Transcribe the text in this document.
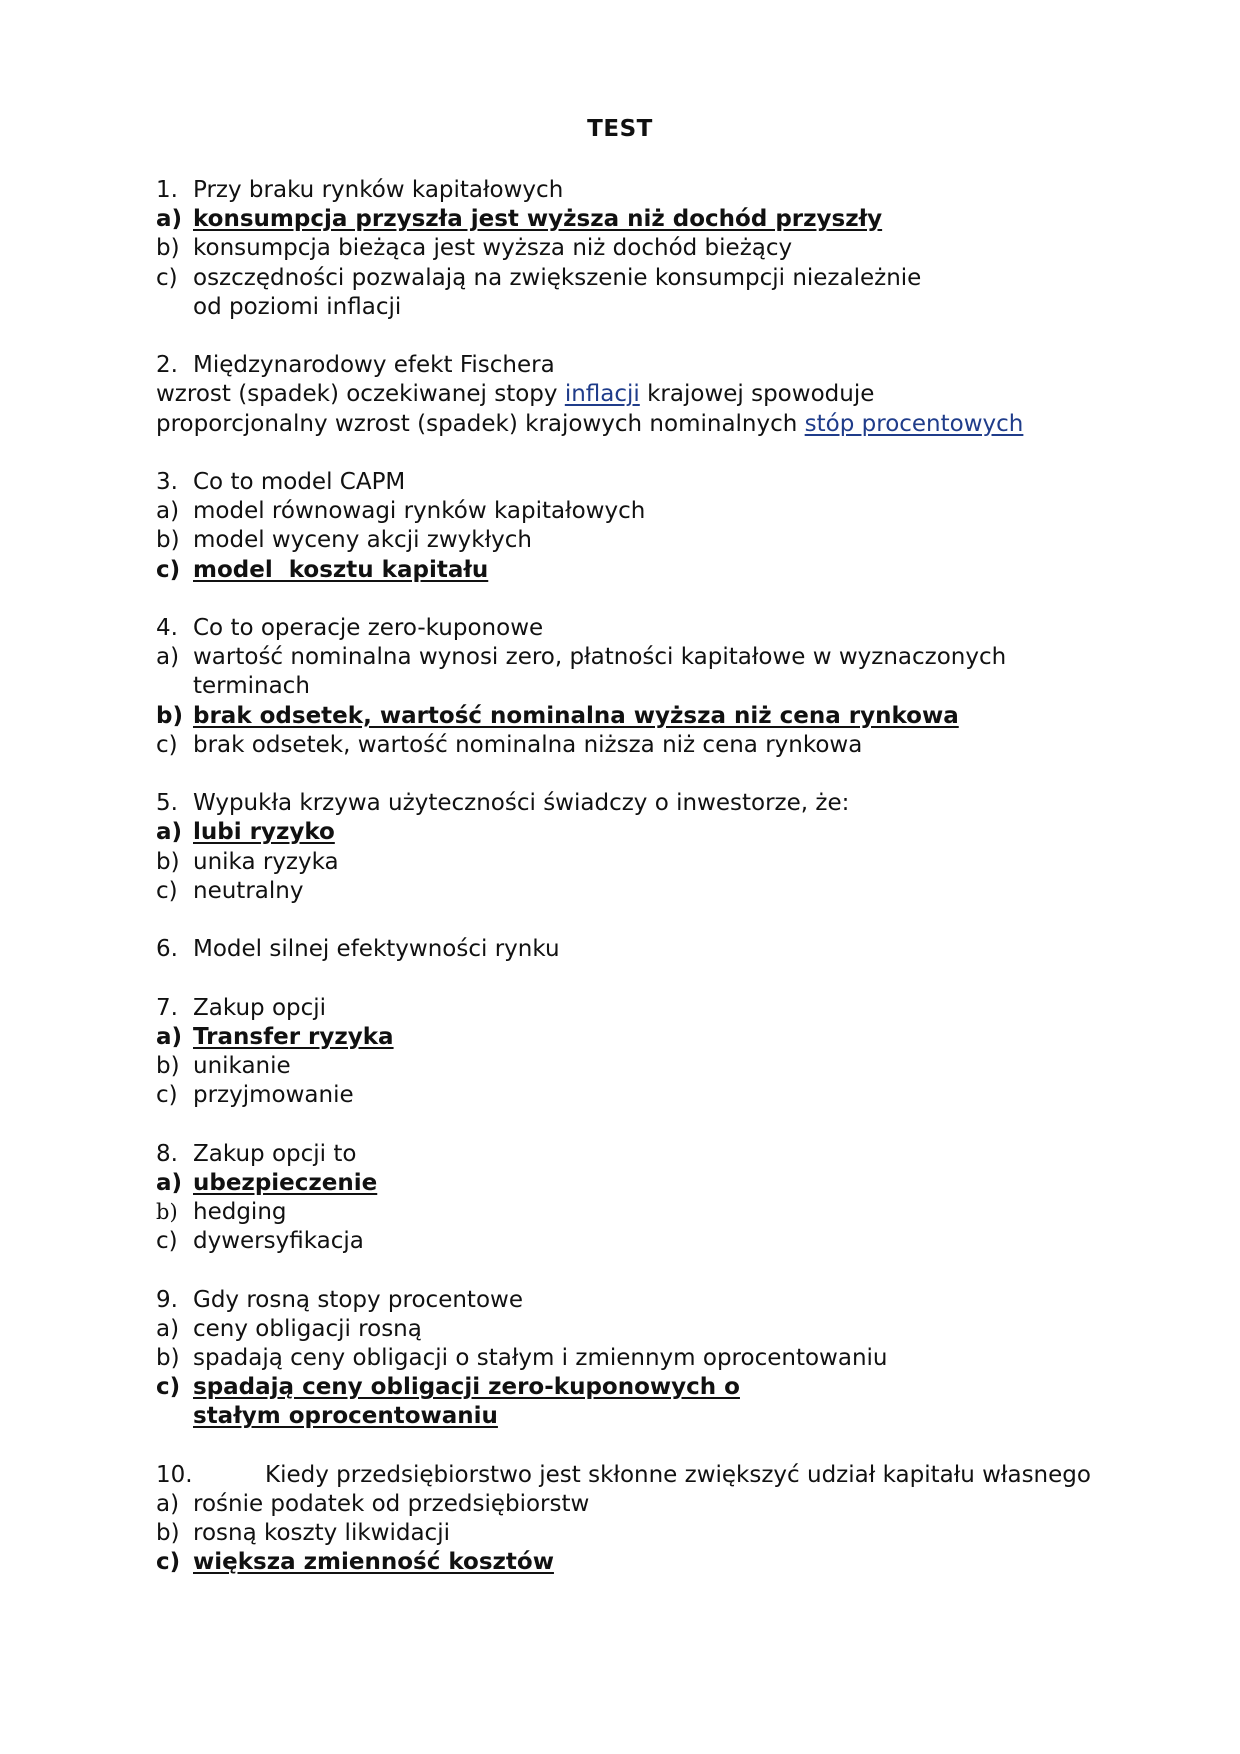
TEST
1. Przy braku rynków kapitałowych
a) konsumpcja przyszła jest wyższa niż dochód przyszły
b) konsumpcja bieżąca jest wyższa niż dochód bieżący
c) oszczędności pozwalają na zwiększenie konsumpcji niezależnie od poziomi inflacji
2. Międzynarodowy efekt Fischera
wzrost (spadek) oczekiwanej stopy inflacji krajowej spowoduje
proporcjonalny wzrost (spadek) krajowych nominalnych stóp procentowych
3. Co to model CAPM
a) model równowagi rynków kapitałowych
b) model wyceny akcji zwykłych
c) model  kosztu kapitału
4. Co to operacje zero-kuponowe
a) wartość nominalna wynosi zero, płatności kapitałowe w wyznaczonych terminach
b) brak odsetek, wartość nominalna wyższa niż cena rynkowa
c) brak odsetek, wartość nominalna niższa niż cena rynkowa
5. Wypukła krzywa użyteczności świadczy o inwestorze, że:
a) lubi ryzyko
b) unika ryzyka
c) neutralny
6. Model silnej efektywności rynku
7. Zakup opcji
a) Transfer ryzyka
b) unikanie
c) przyjmowanie
8. Zakup opcji to
a) ubezpieczenie
b) hedging
c) dywersyfikacja
9. Gdy rosną stopy procentowe
a) ceny obligacji rosną
b) spadają ceny obligacji o stałym i zmiennym oprocentowaniu
c) spadają ceny obligacji zero-kuponowych o stałym oprocentowaniu
10.	Kiedy przedsiębiorstwo jest skłonne zwiększyć udział kapitału własnego
a) rośnie podatek od przedsiębiorstw
b) rosną koszty likwidacji
c) większa zmienność kosztów
